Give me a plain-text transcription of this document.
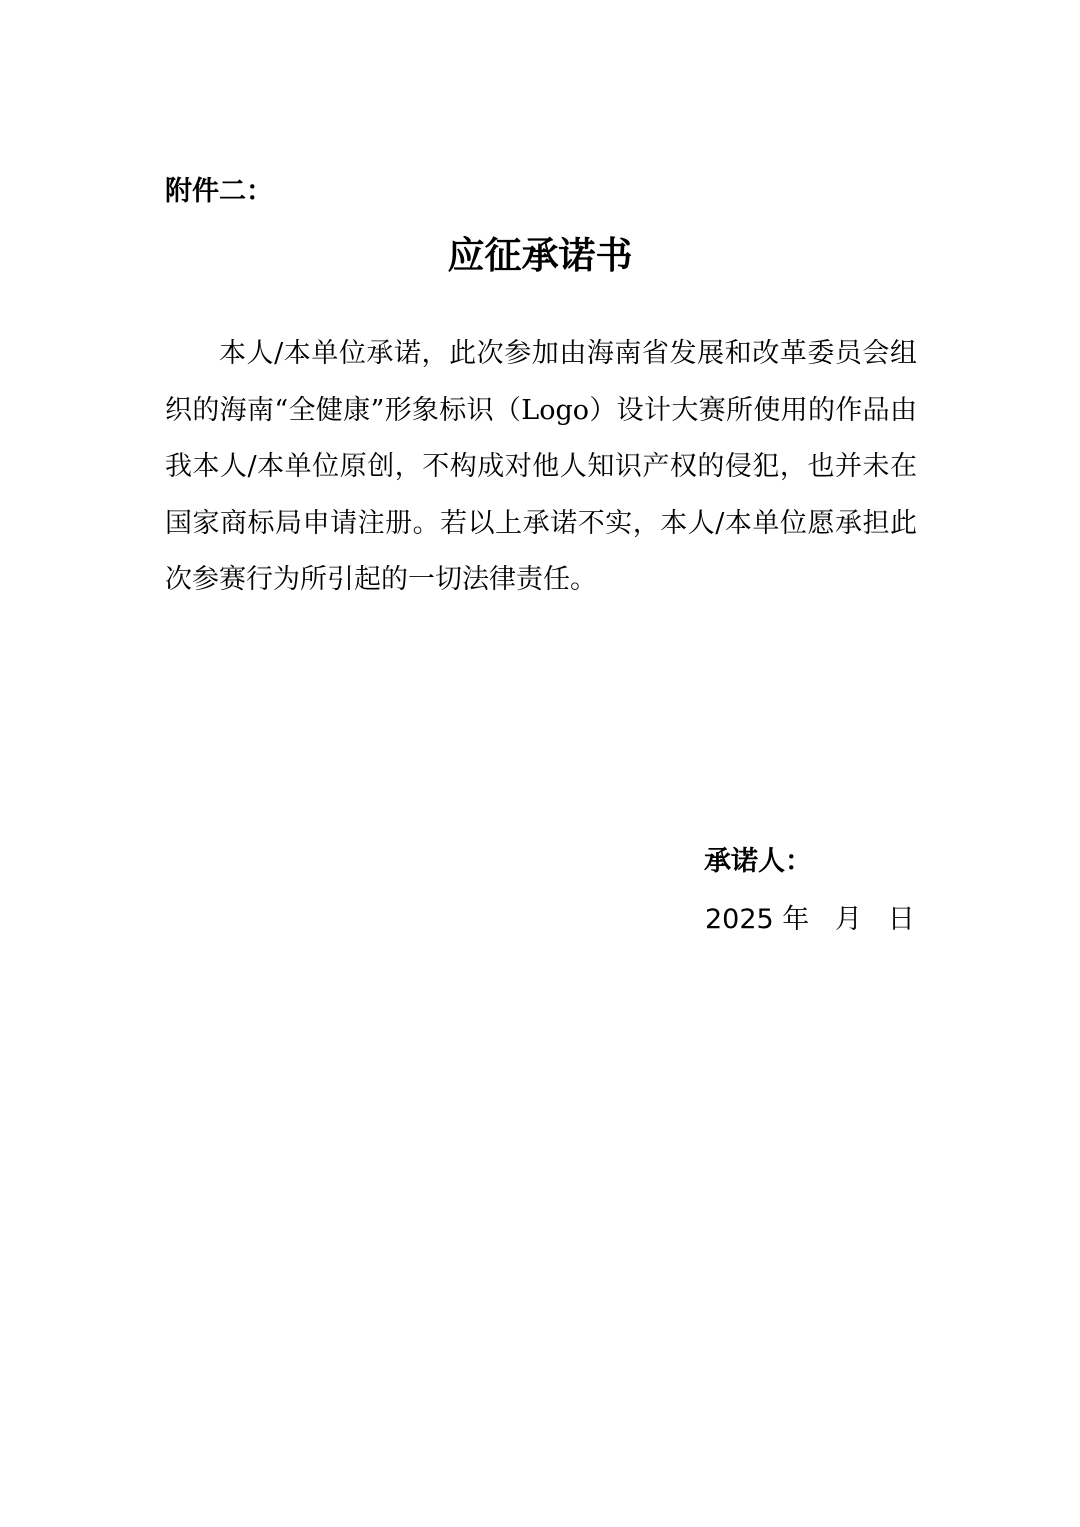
附件二：
应征承诺书

本人/本单位承诺，此次参加由海南省发展和改革委员会组织的海南“全健康”形象标识（Logo）设计大赛所使用的作品由我本人/本单位原创，不构成对他人知识产权的侵犯，也并未在国家商标局申请注册。若以上承诺不实，本人/本单位愿承担此次参赛行为所引起的一切法律责任。

承诺人：
2025 年   月   日
